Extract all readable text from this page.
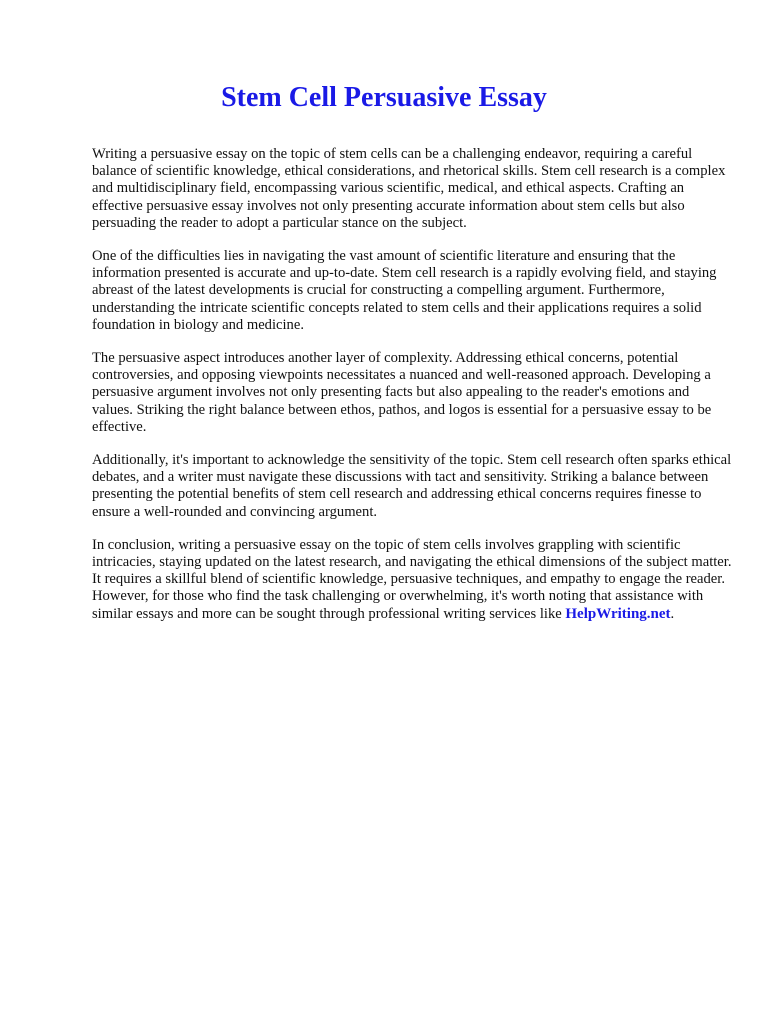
Stem Cell Persuasive Essay

Writing a persuasive essay on the topic of stem cells can be a challenging endeavor, requiring a careful balance of scientific knowledge, ethical considerations, and rhetorical skills. Stem cell research is a complex and multidisciplinary field, encompassing various scientific, medical, and ethical aspects. Crafting an effective persuasive essay involves not only presenting accurate information about stem cells but also persuading the reader to adopt a particular stance on the subject.

One of the difficulties lies in navigating the vast amount of scientific literature and ensuring that the information presented is accurate and up-to-date. Stem cell research is a rapidly evolving field, and staying abreast of the latest developments is crucial for constructing a compelling argument. Furthermore, understanding the intricate scientific concepts related to stem cells and their applications requires a solid foundation in biology and medicine.

The persuasive aspect introduces another layer of complexity. Addressing ethical concerns, potential controversies, and opposing viewpoints necessitates a nuanced and well-reasoned approach. Developing a persuasive argument involves not only presenting facts but also appealing to the reader's emotions and values. Striking the right balance between ethos, pathos, and logos is essential for a persuasive essay to be effective.

Additionally, it's important to acknowledge the sensitivity of the topic. Stem cell research often sparks ethical debates, and a writer must navigate these discussions with tact and sensitivity. Striking a balance between presenting the potential benefits of stem cell research and addressing ethical concerns requires finesse to ensure a well-rounded and convincing argument.

In conclusion, writing a persuasive essay on the topic of stem cells involves grappling with scientific intricacies, staying updated on the latest research, and navigating the ethical dimensions of the subject matter. It requires a skillful blend of scientific knowledge, persuasive techniques, and empathy to engage the reader. However, for those who find the task challenging or overwhelming, it's worth noting that assistance with similar essays and more can be sought through professional writing services like HelpWriting.net.
